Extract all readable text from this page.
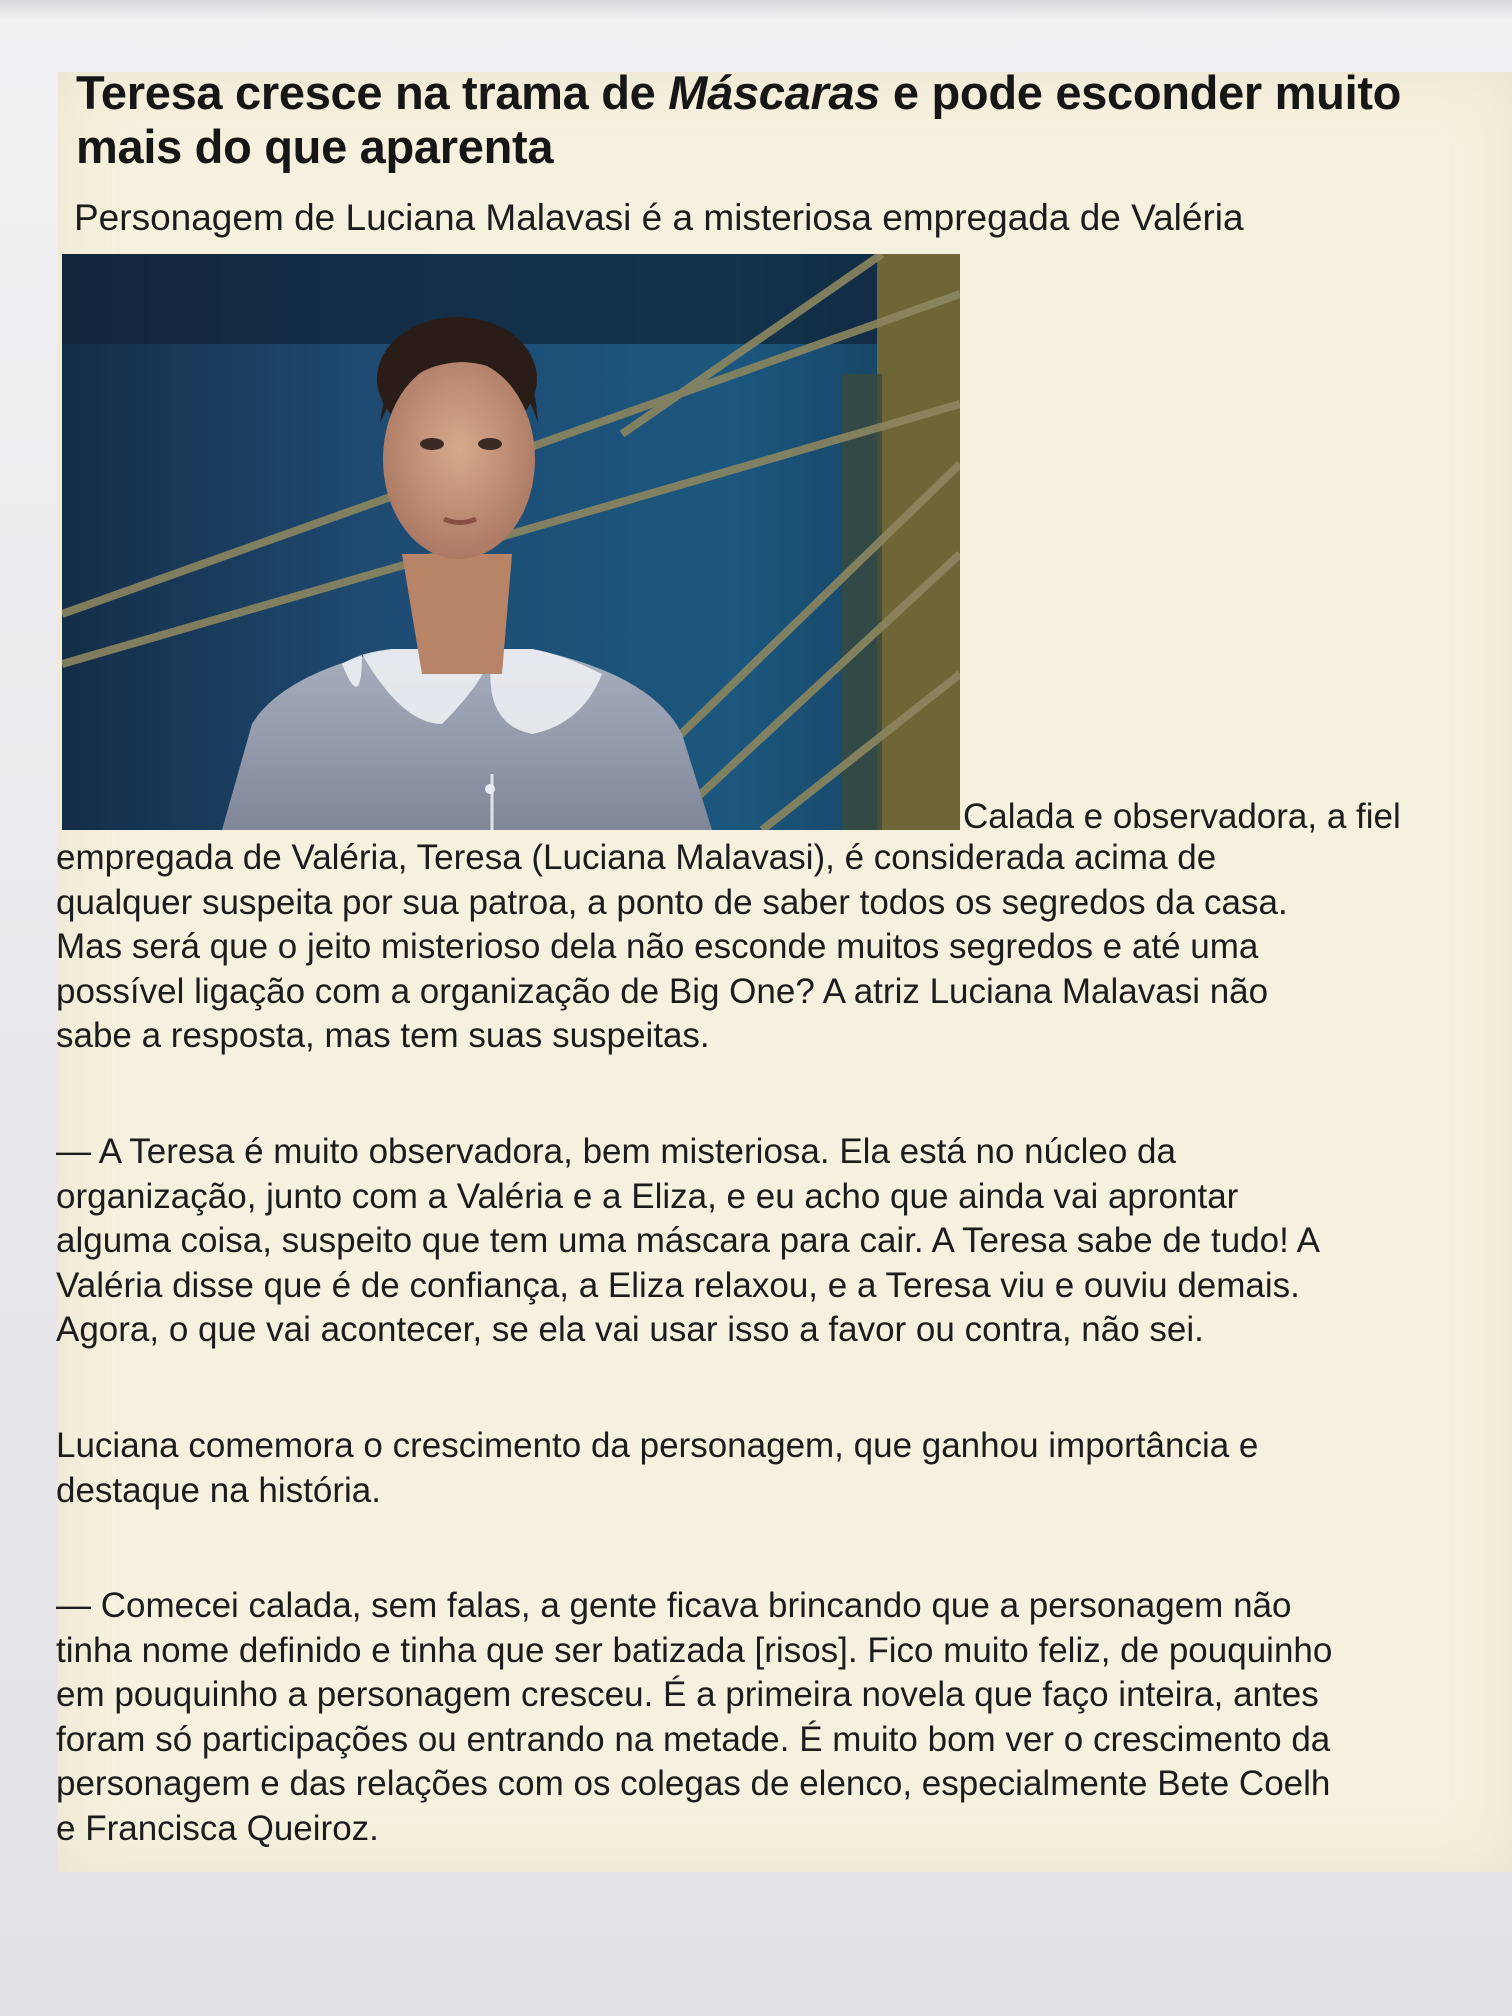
Teresa cresce na trama de Máscaras e pode esconder muito mais do que aparenta

Personagem de Luciana Malavasi é a misteriosa empregada de Valéria

Calada e observadora, a fiel
empregada de Valéria, Teresa (Luciana Malavasi), é considerada acima de
qualquer suspeita por sua patroa, a ponto de saber todos os segredos da casa.
Mas será que o jeito misterioso dela não esconde muitos segredos e até uma
possível ligação com a organização de Big One? A atriz Luciana Malavasi não
sabe a resposta, mas tem suas suspeitas.
— A Teresa é muito observadora, bem misteriosa. Ela está no núcleo da
organização, junto com a Valéria e a Eliza, e eu acho que ainda vai aprontar
alguma coisa, suspeito que tem uma máscara para cair. A Teresa sabe de tudo! A
Valéria disse que é de confiança, a Eliza relaxou, e a Teresa viu e ouviu demais.
Agora, o que vai acontecer, se ela vai usar isso a favor ou contra, não sei.
Luciana comemora o crescimento da personagem, que ganhou importância e
destaque na história.
— Comecei calada, sem falas, a gente ficava brincando que a personagem não
tinha nome definido e tinha que ser batizada [risos]. Fico muito feliz, de pouquinho
em pouquinho a personagem cresceu. É a primeira novela que faço inteira, antes
foram só participações ou entrando na metade. É muito bom ver o crescimento da
personagem e das relações com os colegas de elenco, especialmente Bete Coelh
e Francisca Queiroz.
